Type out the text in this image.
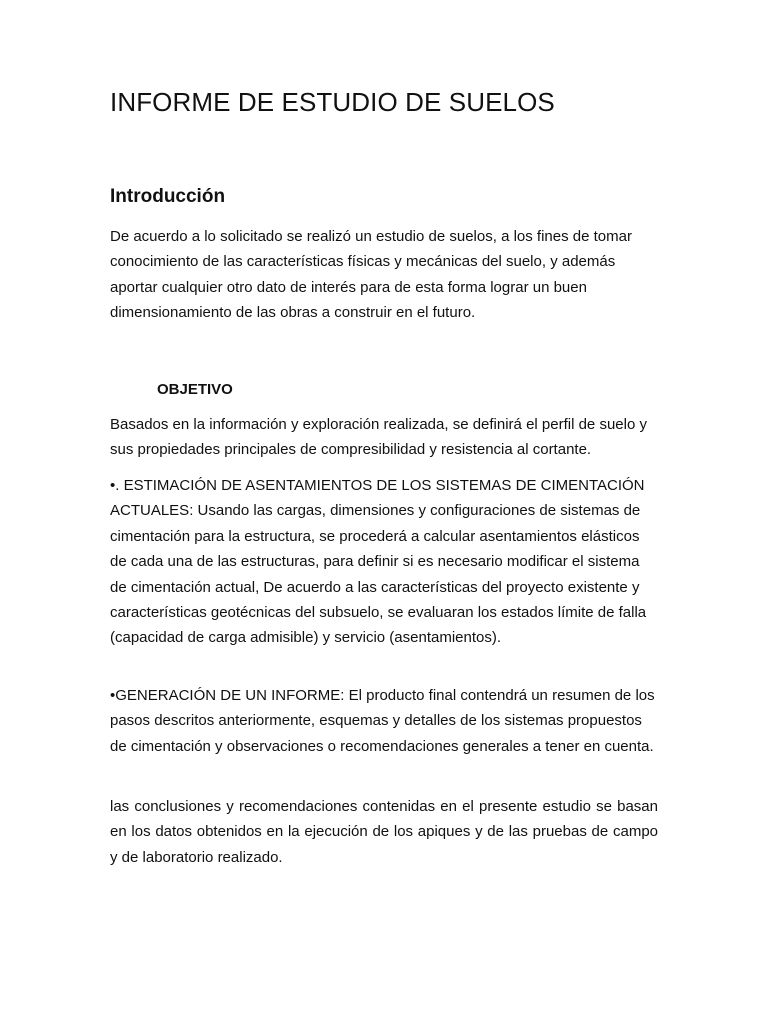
INFORME DE ESTUDIO DE SUELOS
Introducción

De acuerdo a lo solicitado se realizó un estudio de suelos, a los fines de tomar conocimiento de las características físicas y mecánicas del suelo, y además aportar cualquier otro dato de interés para de esta forma lograr un buen dimensionamiento de las obras a construir en el futuro.

OBJETIVO

Basados en la información y exploración realizada, se definirá el perfil de suelo y sus propiedades principales de compresibilidad y resistencia al cortante.

•. ESTIMACIÓN DE ASENTAMIENTOS DE LOS SISTEMAS DE CIMENTACIÓN ACTUALES: Usando las cargas, dimensiones y configuraciones de sistemas de cimentación para la estructura, se procederá a calcular asentamientos elásticos de cada una de las estructuras, para definir si es necesario modificar el sistema de cimentación actual, De acuerdo a las características del proyecto existente y características geotécnicas del subsuelo, se evaluaran los estados límite de falla (capacidad de carga admisible) y servicio (asentamientos).

•GENERACIÓN DE UN INFORME: El producto final contendrá un resumen de los pasos descritos anteriormente, esquemas y detalles de los sistemas propuestos de cimentación y observaciones o recomendaciones generales a tener en cuenta.

las conclusiones y recomendaciones contenidas en el presente estudio se basan en los datos obtenidos en la ejecución de los apiques y de las pruebas de campo y de laboratorio realizado.
